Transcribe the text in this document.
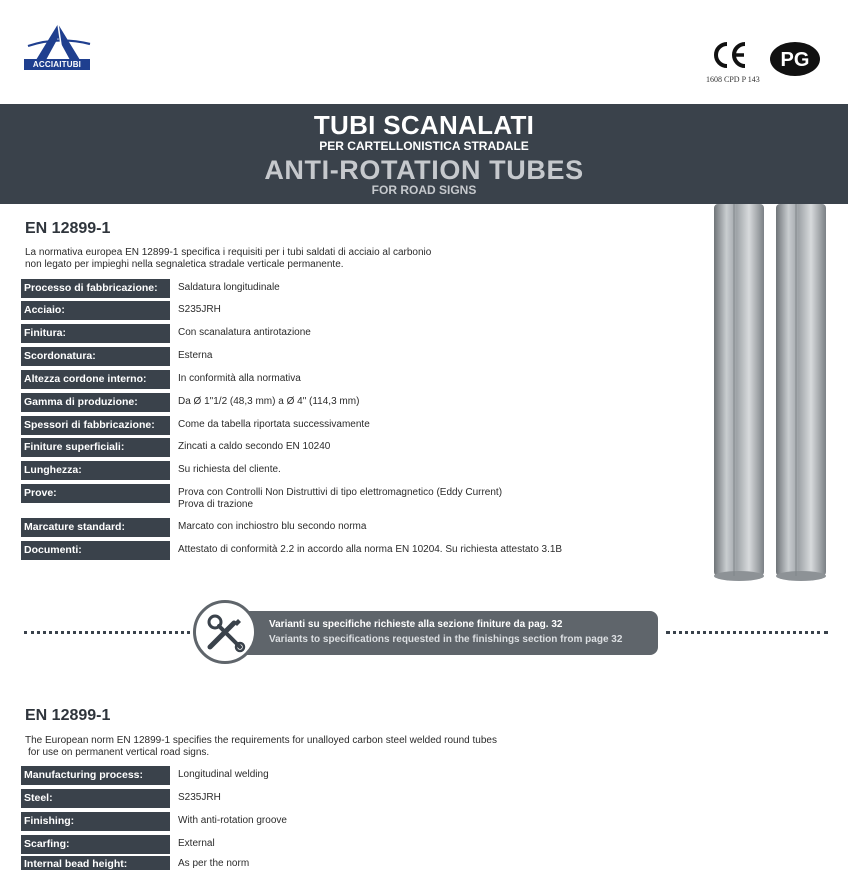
ACCIAITUBI
1608 CPD P 143
PG
TUBI SCANALATI
PER CARTELLONISTICA STRADALE
ANTI-ROTATION TUBES
FOR ROAD SIGNS
EN 12899-1
La normativa europea EN 12899-1 specifica i requisiti per i tubi saldati di acciaio al carbonio
non legato per impieghi nella segnaletica stradale verticale permanente.
Processo di fabbricazione:	Saldatura longitudinale
Acciaio:	S235JRH
Finitura:	Con scanalatura antirotazione
Scordonatura:	Esterna
Altezza cordone interno:	In conformità alla normativa
Gamma di produzione:	Da Ø 1"1/2 (48,3 mm) a Ø 4" (114,3 mm)
Spessori di fabbricazione:	Come da tabella riportata successivamente
Finiture superficiali:	Zincati a caldo secondo EN 10240
Lunghezza:	Su richiesta del cliente.
Prove:	Prova con Controlli Non Distruttivi di tipo elettromagnetico (Eddy Current)
Prova di trazione
Marcature standard:	Marcato con inchiostro blu secondo norma
Documenti:	Attestato di conformità 2.2 in accordo alla norma EN 10204. Su richiesta attestato 3.1B
Varianti su specifiche richieste alla sezione finiture da pag. 32
Variants to specifications requested in the finishings section from page 32
EN 12899-1
The European norm EN 12899-1 specifies the requirements for unalloyed carbon steel welded round tubes
for use on permanent vertical road signs.
Manufacturing process:	Longitudinal welding
Steel:	S235JRH
Finishing:	With anti-rotation groove
Scarfing:	External
Internal bead height:	As per the norm
